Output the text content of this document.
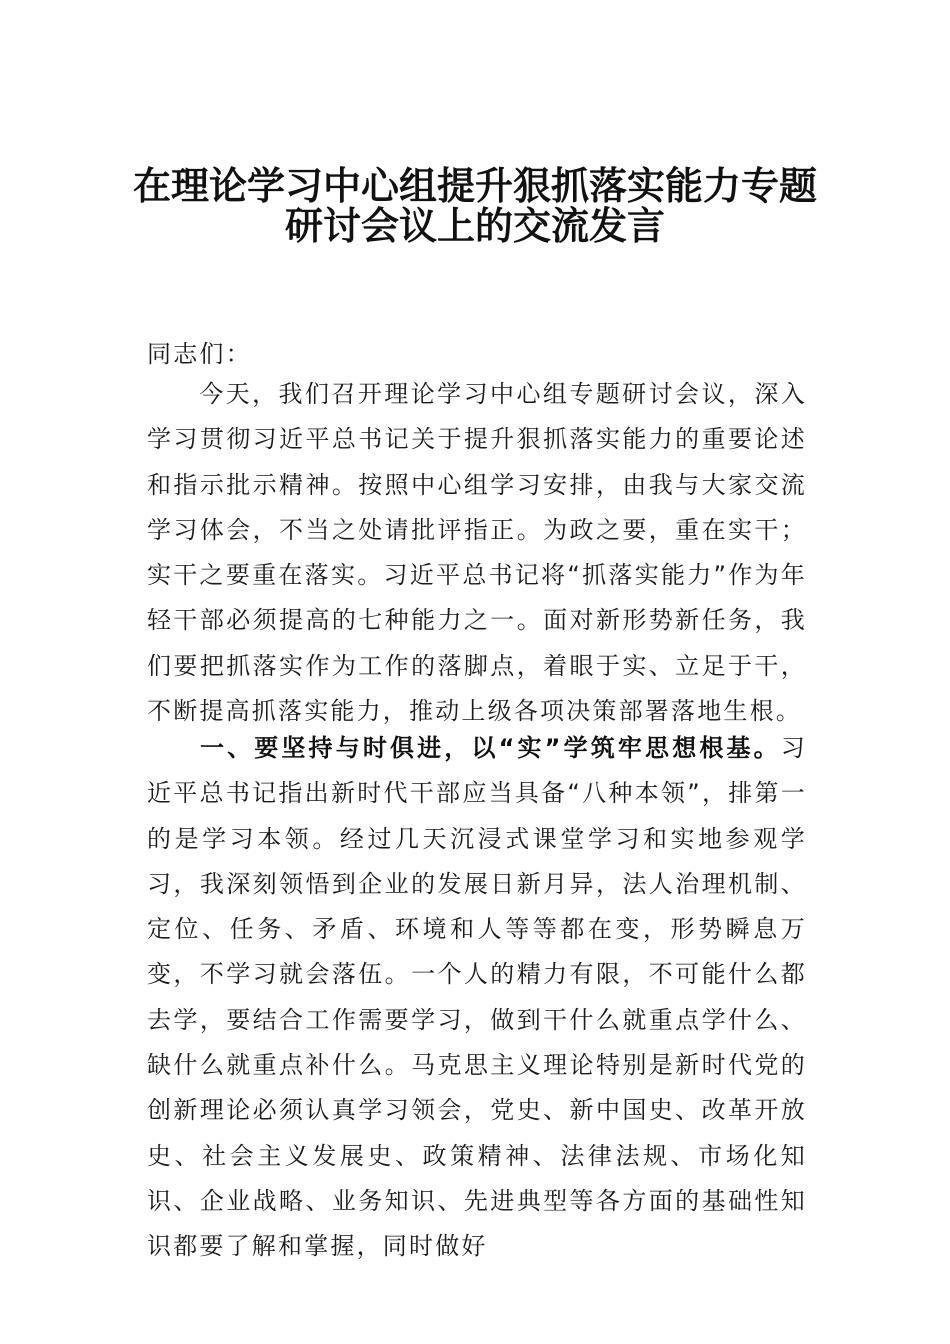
在理论学习中心组提升狠抓落实能力专题
研讨会议上的交流发言
同志们：
今天，我们召开理论学习中心组专题研讨会议，深入学习贯彻习近平总书记关于提升狠抓落实能力的重要论述和指示批示精神。按照中心组学习安排，由我与大家交流学习体会，不当之处请批评指正。为政之要，重在实干；实干之要重在落实。习近平总书记将“抓落实能力”作为年轻干部必须提高的七种能力之一。面对新形势新任务，我们要把抓落实作为工作的落脚点，着眼于实、立足于干，不断提高抓落实能力，推动上级各项决策部署落地生根。
一、要坚持与时俱进，以“实”学筑牢思想根基。习近平总书记指出新时代干部应当具备“八种本领”，排第一的是学习本领。经过几天沉浸式课堂学习和实地参观学习，我深刻领悟到企业的发展日新月异，法人治理机制、定位、任务、矛盾、环境和人等等都在变，形势瞬息万变，不学习就会落伍。一个人的精力有限，不可能什么都去学，要结合工作需要学习，做到干什么就重点学什么、缺什么就重点补什么。马克思主义理论特别是新时代党的创新理论必须认真学习领会，党史、新中国史、改革开放史、社会主义发展史、政策精神、法律法规、市场化知识、企业战略、业务知识、先进典型等各方面的基础性知识都要了解和掌握，同时做好
